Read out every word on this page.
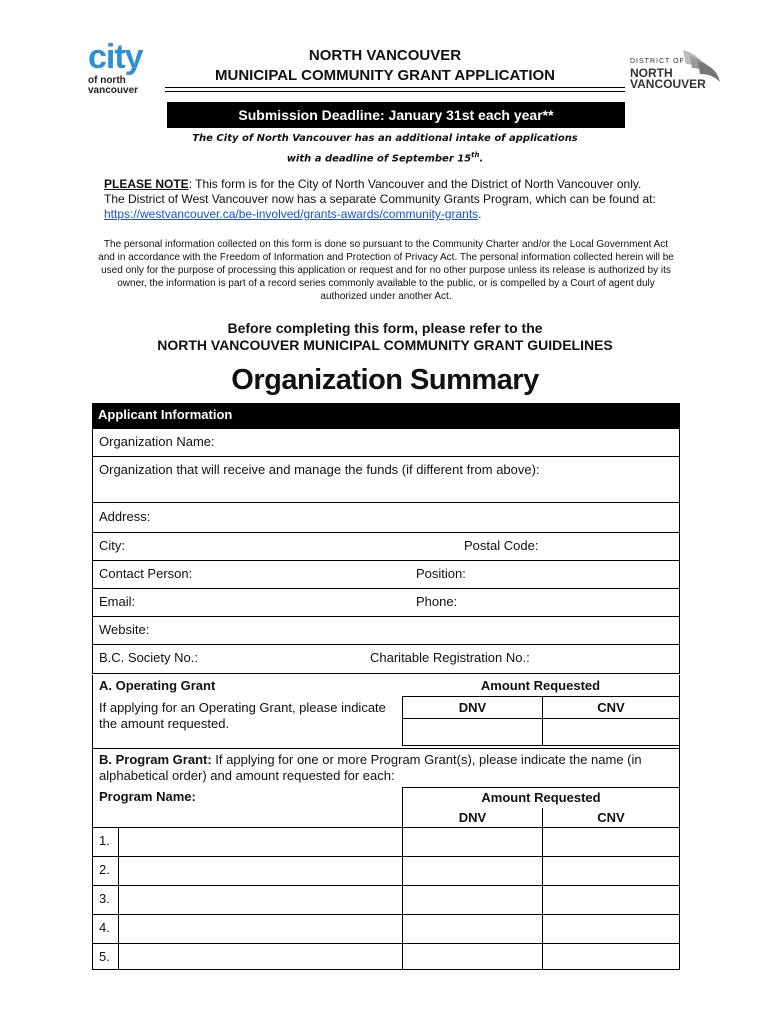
city
of north
vancouver
DISTRICT OF
NORTH
VANCOUVER
NORTH VANCOUVER
MUNICIPAL COMMUNITY GRANT APPLICATION
Submission Deadline: January 31st each year**
The City of North Vancouver has an additional intake of applications
with a deadline of September 15th.
PLEASE NOTE: This form is for the City of North Vancouver and the District of North Vancouver only. The District of West Vancouver now has a separate Community Grants Program, which can be found at: https://westvancouver.ca/be-involved/grants-awards/community-grants.
The personal information collected on this form is done so pursuant to the Community Charter and/or the Local Government Act and in accordance with the Freedom of Information and Protection of Privacy Act. The personal information collected herein will be used only for the purpose of processing this application or request and for no other purpose unless its release is authorized by its owner, the information is part of a record series commonly available to the public, or is compelled by a Court of agent duly authorized under another Act.
Before completing this form, please refer to the
NORTH VANCOUVER MUNICIPAL COMMUNITY GRANT GUIDELINES
Organization Summary
Applicant Information
Organization Name:
Organization that will receive and manage the funds (if different from above):
Address:
City:	Postal Code:
Contact Person:	Position:
Email:	Phone:
Website:
B.C. Society No.:	Charitable Registration No.:
A. Operating Grant	Amount Requested
If applying for an Operating Grant, please indicate the amount requested.
DNV	CNV
B. Program Grant: If applying for one or more Program Grant(s), please indicate the name (in alphabetical order) and amount requested for each:
Program Name:	Amount Requested
DNV	CNV
1.
2.
3.
4.
5.
